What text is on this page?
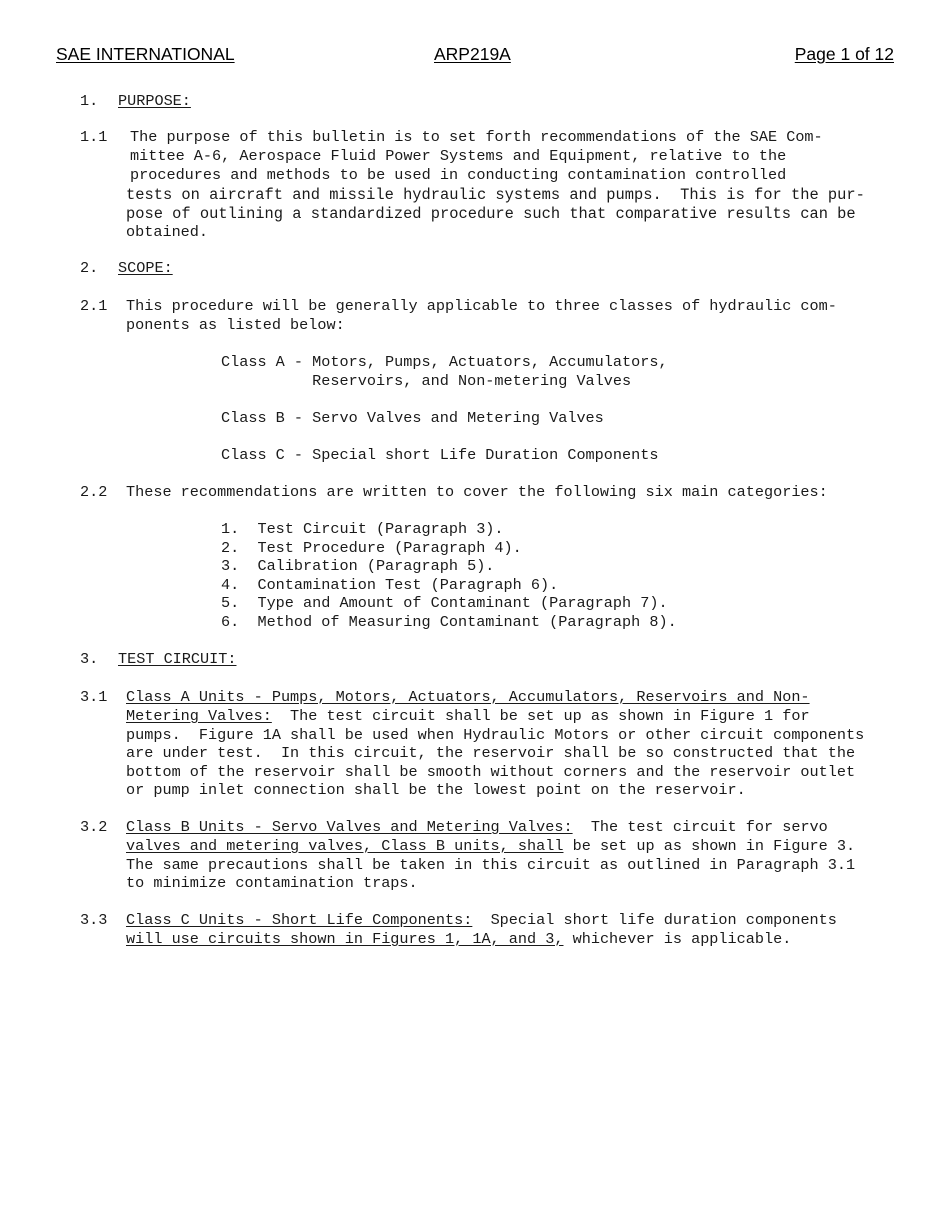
SAE INTERNATIONAL	ARP219A	Page 1 of 12
1. PURPOSE:
1.1 The purpose of this bulletin is to set forth recommendations of the SAE Com-
mittee A-6, Aerospace Fluid Power Systems and Equipment, relative to the
procedures and methods to be used in conducting contamination controlled
tests on aircraft and missile hydraulic systems and pumps.  This is for the pur-
pose of outlining a standardized procedure such that comparative results can be
obtained.
2. SCOPE:
2.1 This procedure will be generally applicable to three classes of hydraulic com-
ponents as listed below:
Class A - Motors, Pumps, Actuators, Accumulators,
Reservoirs, and Non-metering Valves
Class B - Servo Valves and Metering Valves
Class C - Special short Life Duration Components
2.2 These recommendations are written to cover the following six main categories:
1.  Test Circuit (Paragraph 3).
2.  Test Procedure (Paragraph 4).
3.  Calibration (Paragraph 5).
4.  Contamination Test (Paragraph 6).
5.  Type and Amount of Contaminant (Paragraph 7).
6.  Method of Measuring Contaminant (Paragraph 8).
3. TEST CIRCUIT:
3.1 Class A Units - Pumps, Motors, Actuators, Accumulators, Reservoirs and Non-
Metering Valves:  The test circuit shall be set up as shown in Figure 1 for
pumps.  Figure 1A shall be used when Hydraulic Motors or other circuit components
are under test.  In this circuit, the reservoir shall be so constructed that the
bottom of the reservoir shall be smooth without corners and the reservoir outlet
or pump inlet connection shall be the lowest point on the reservoir.
3.2 Class B Units - Servo Valves and Metering Valves:  The test circuit for servo
valves and metering valves, Class B units, shall be set up as shown in Figure 3.
The same precautions shall be taken in this circuit as outlined in Paragraph 3.1
to minimize contamination traps.
3.3 Class C Units - Short Life Components:  Special short life duration components
will use circuits shown in Figures 1, 1A, and 3, whichever is applicable.
